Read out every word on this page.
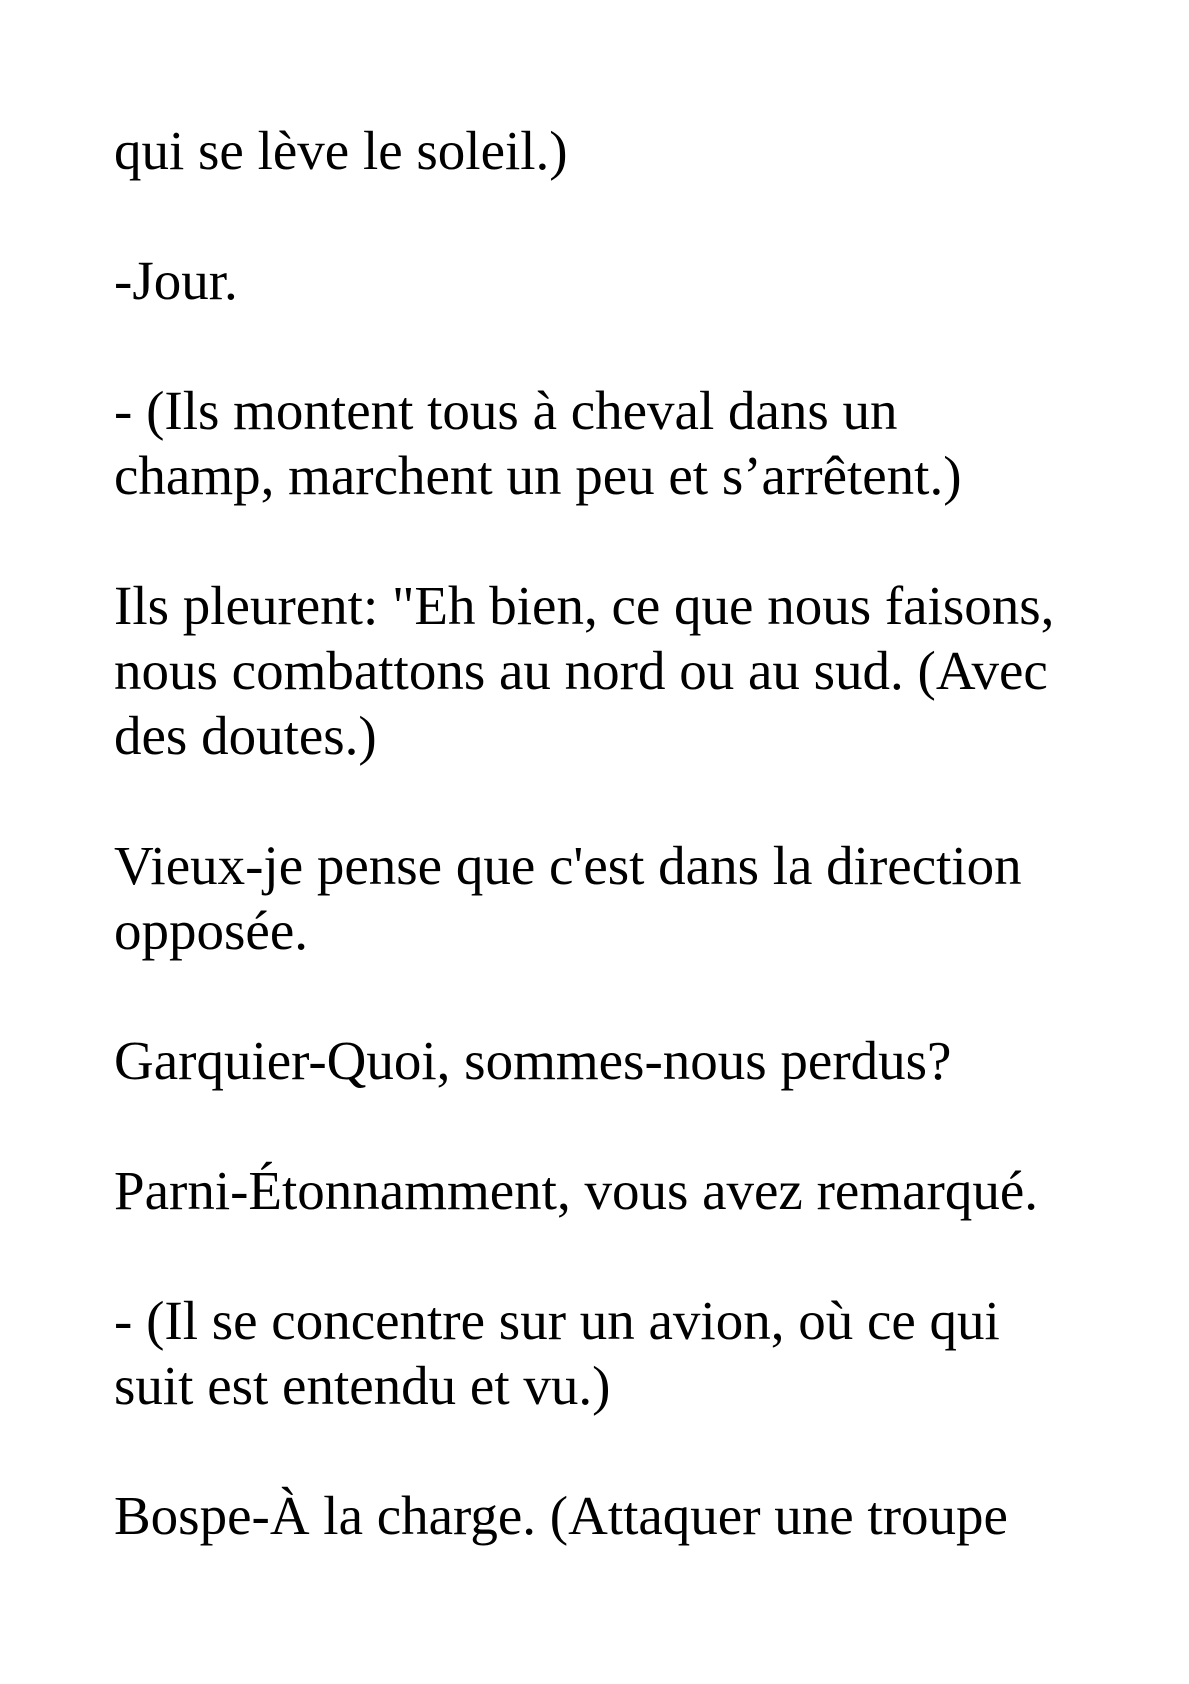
qui se lève le soleil.)

-Jour.

- (Ils montent tous à cheval dans un
champ, marchent un peu et s’arrêtent.)

Ils pleurent: "Eh bien, ce que nous faisons,
nous combattons au nord ou au sud. (Avec
des doutes.)

Vieux-je pense que c'est dans la direction
opposée.

Garquier-Quoi, sommes-nous perdus?

Parni-Étonnamment, vous avez remarqué.

- (Il se concentre sur un avion, où ce qui
suit est entendu et vu.)

Bospe-À la charge. (Attaquer une troupe
